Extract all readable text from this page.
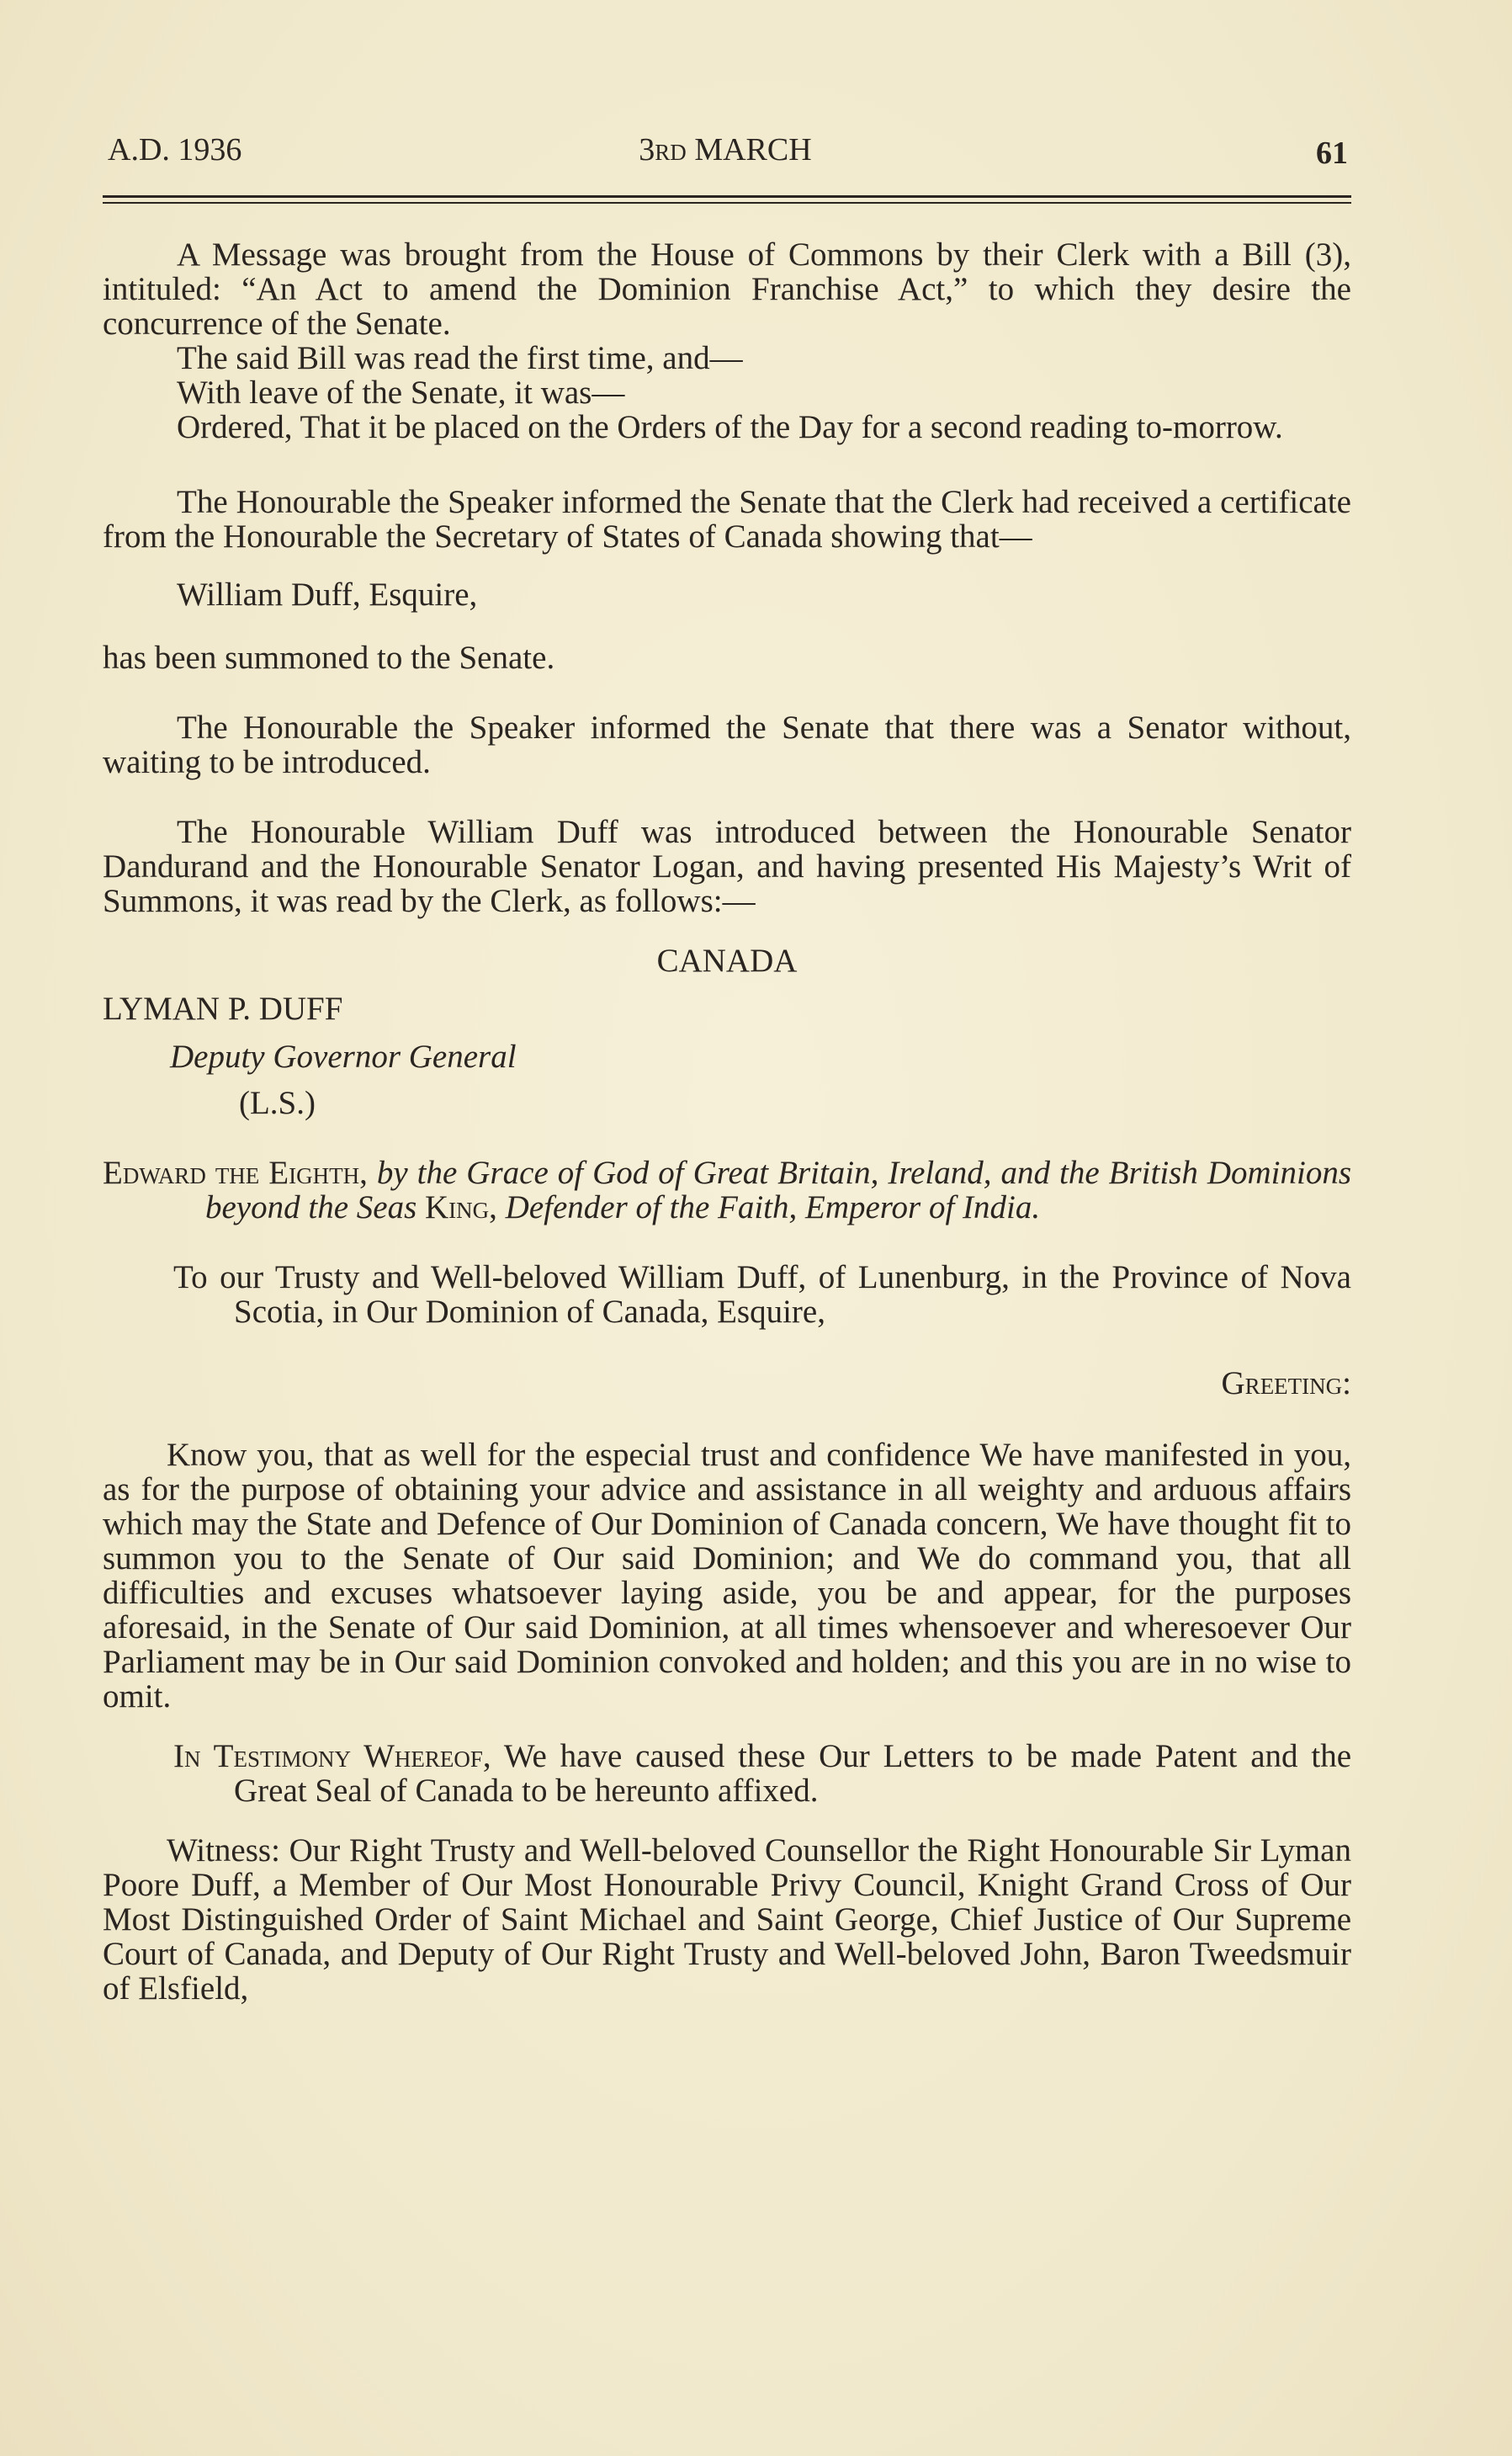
A.D. 1936	3rd MARCH	61

A Message was brought from the House of Commons by their Clerk with a Bill (3), intituled: “An Act to amend the Dominion Franchise Act,” to which they desire the concurrence of the Senate.

The said Bill was read the first time, and—

With leave of the Senate, it was—

Ordered, That it be placed on the Orders of the Day for a second reading to-morrow.

The Honourable the Speaker informed the Senate that the Clerk had received a certificate from the Honourable the Secretary of States of Canada showing that—

William Duff, Esquire,

has been summoned to the Senate.

The Honourable the Speaker informed the Senate that there was a Senator without, waiting to be introduced.

The Honourable William Duff was introduced between the Honourable Senator Dandurand and the Honourable Senator Logan, and having presented His Majesty’s Writ of Summons, it was read by the Clerk, as follows:—

CANADA

LYMAN P. DUFF

Deputy Governor General

(L.S.)

Edward the Eighth, by the Grace of God of Great Britain, Ireland, and the British Dominions beyond the Seas King, Defender of the Faith, Emperor of India.

To our Trusty and Well-beloved William Duff, of Lunenburg, in the Province of Nova Scotia, in Our Dominion of Canada, Esquire,

Greeting:

Know you, that as well for the especial trust and confidence We have manifested in you, as for the purpose of obtaining your advice and assistance in all weighty and arduous affairs which may the State and Defence of Our Dominion of Canada concern, We have thought fit to summon you to the Senate of Our said Dominion; and We do command you, that all difficulties and excuses whatsoever laying aside, you be and appear, for the purposes aforesaid, in the Senate of Our said Dominion, at all times whensoever and wheresoever Our Parliament may be in Our said Dominion convoked and holden; and this you are in no wise to omit.

In Testimony Whereof, We have caused these Our Letters to be made Patent and the Great Seal of Canada to be hereunto affixed.

Witness: Our Right Trusty and Well-beloved Counsellor the Right Honourable Sir Lyman Poore Duff, a Member of Our Most Honourable Privy Council, Knight Grand Cross of Our Most Distinguished Order of Saint Michael and Saint George, Chief Justice of Our Supreme Court of Canada, and Deputy of Our Right Trusty and Well-beloved John, Baron Tweedsmuir of Elsfield,
